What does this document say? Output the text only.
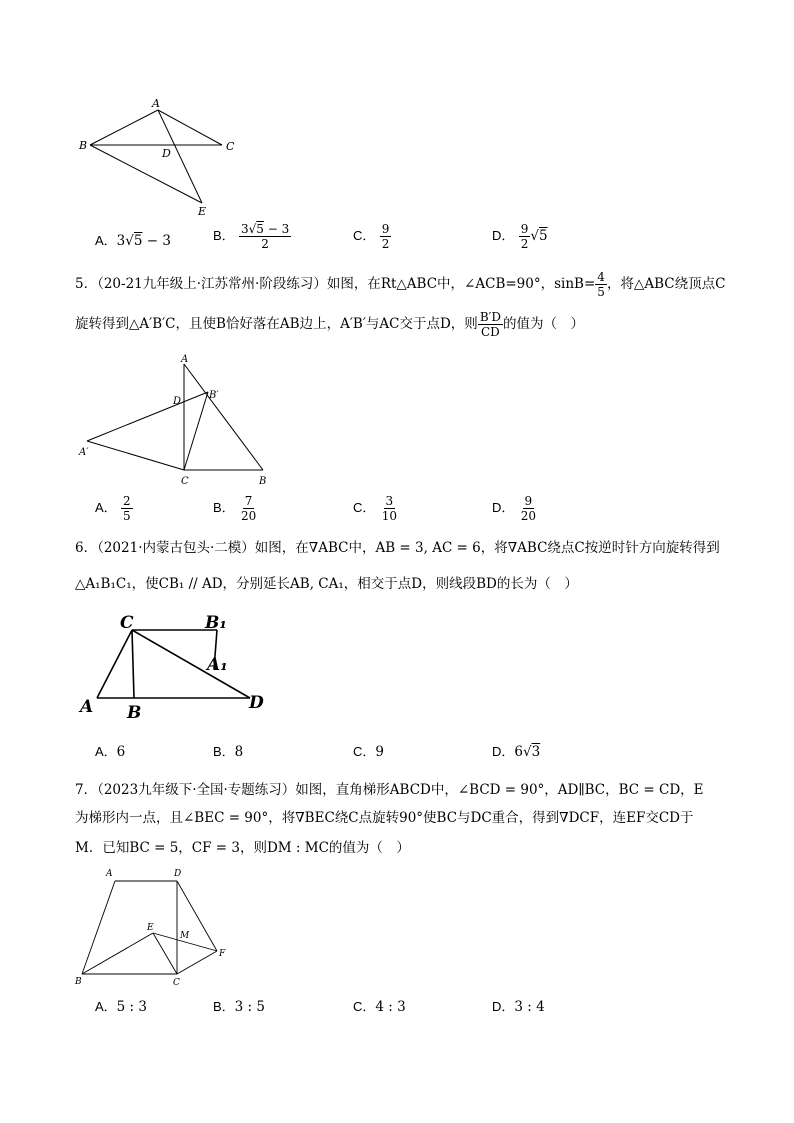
A
B	C
D
E
A．3√5 − 3	B． $\frac{3√5 - 3}{2}$	C． $\frac{9}{2}$	D． $\frac{9}{2} √5$
5．（20-21九年级上·江苏常州·阶段练习）如图，在Rt△ABC中，∠ACB=90°，$\sin B= \frac{4}{5}$ ，将△ABC绕顶点C
旋转得到△A′B′C，且使B恰好落在AB边上，A′B′与AC交于点D，则 $\frac{B'D}{CD}$ 的值为（　）
A
D
B′
A′
C	B
A． $\frac{2}{5}$	B． $\frac{7}{20}$	C． $\frac{3}{10}$	D． $\frac{9}{20}$
6．（2021·内蒙古包头·二模）如图，在∇ABC中，AB = 3, AC = 6，将∇ABC绕点C按逆时针方向旋转得到
△A₁B₁C₁，使CB₁ // AD，分别延长AB, CA₁，相交于点D，则线段BD的长为（　）
C	B₁
A₁
A B	D
A．6	B．8	C．9	D．6√3
7．（2023九年级下·全国·专题练习）如图，直角梯形ABCD中，∠BCD = 90°，AD∥BC，BC = CD，E
为梯形内一点，且∠BEC = 90°，将∇BEC绕C点旋转90°使BC与DC重合，得到∇DCF，连EF交CD于
M．已知BC = 5，CF = 3，则DM : MC的值为（　）
A	D
E
M
F
B	C
A．5 : 3	B．3 : 5	C．4 : 3	D．3 : 4
